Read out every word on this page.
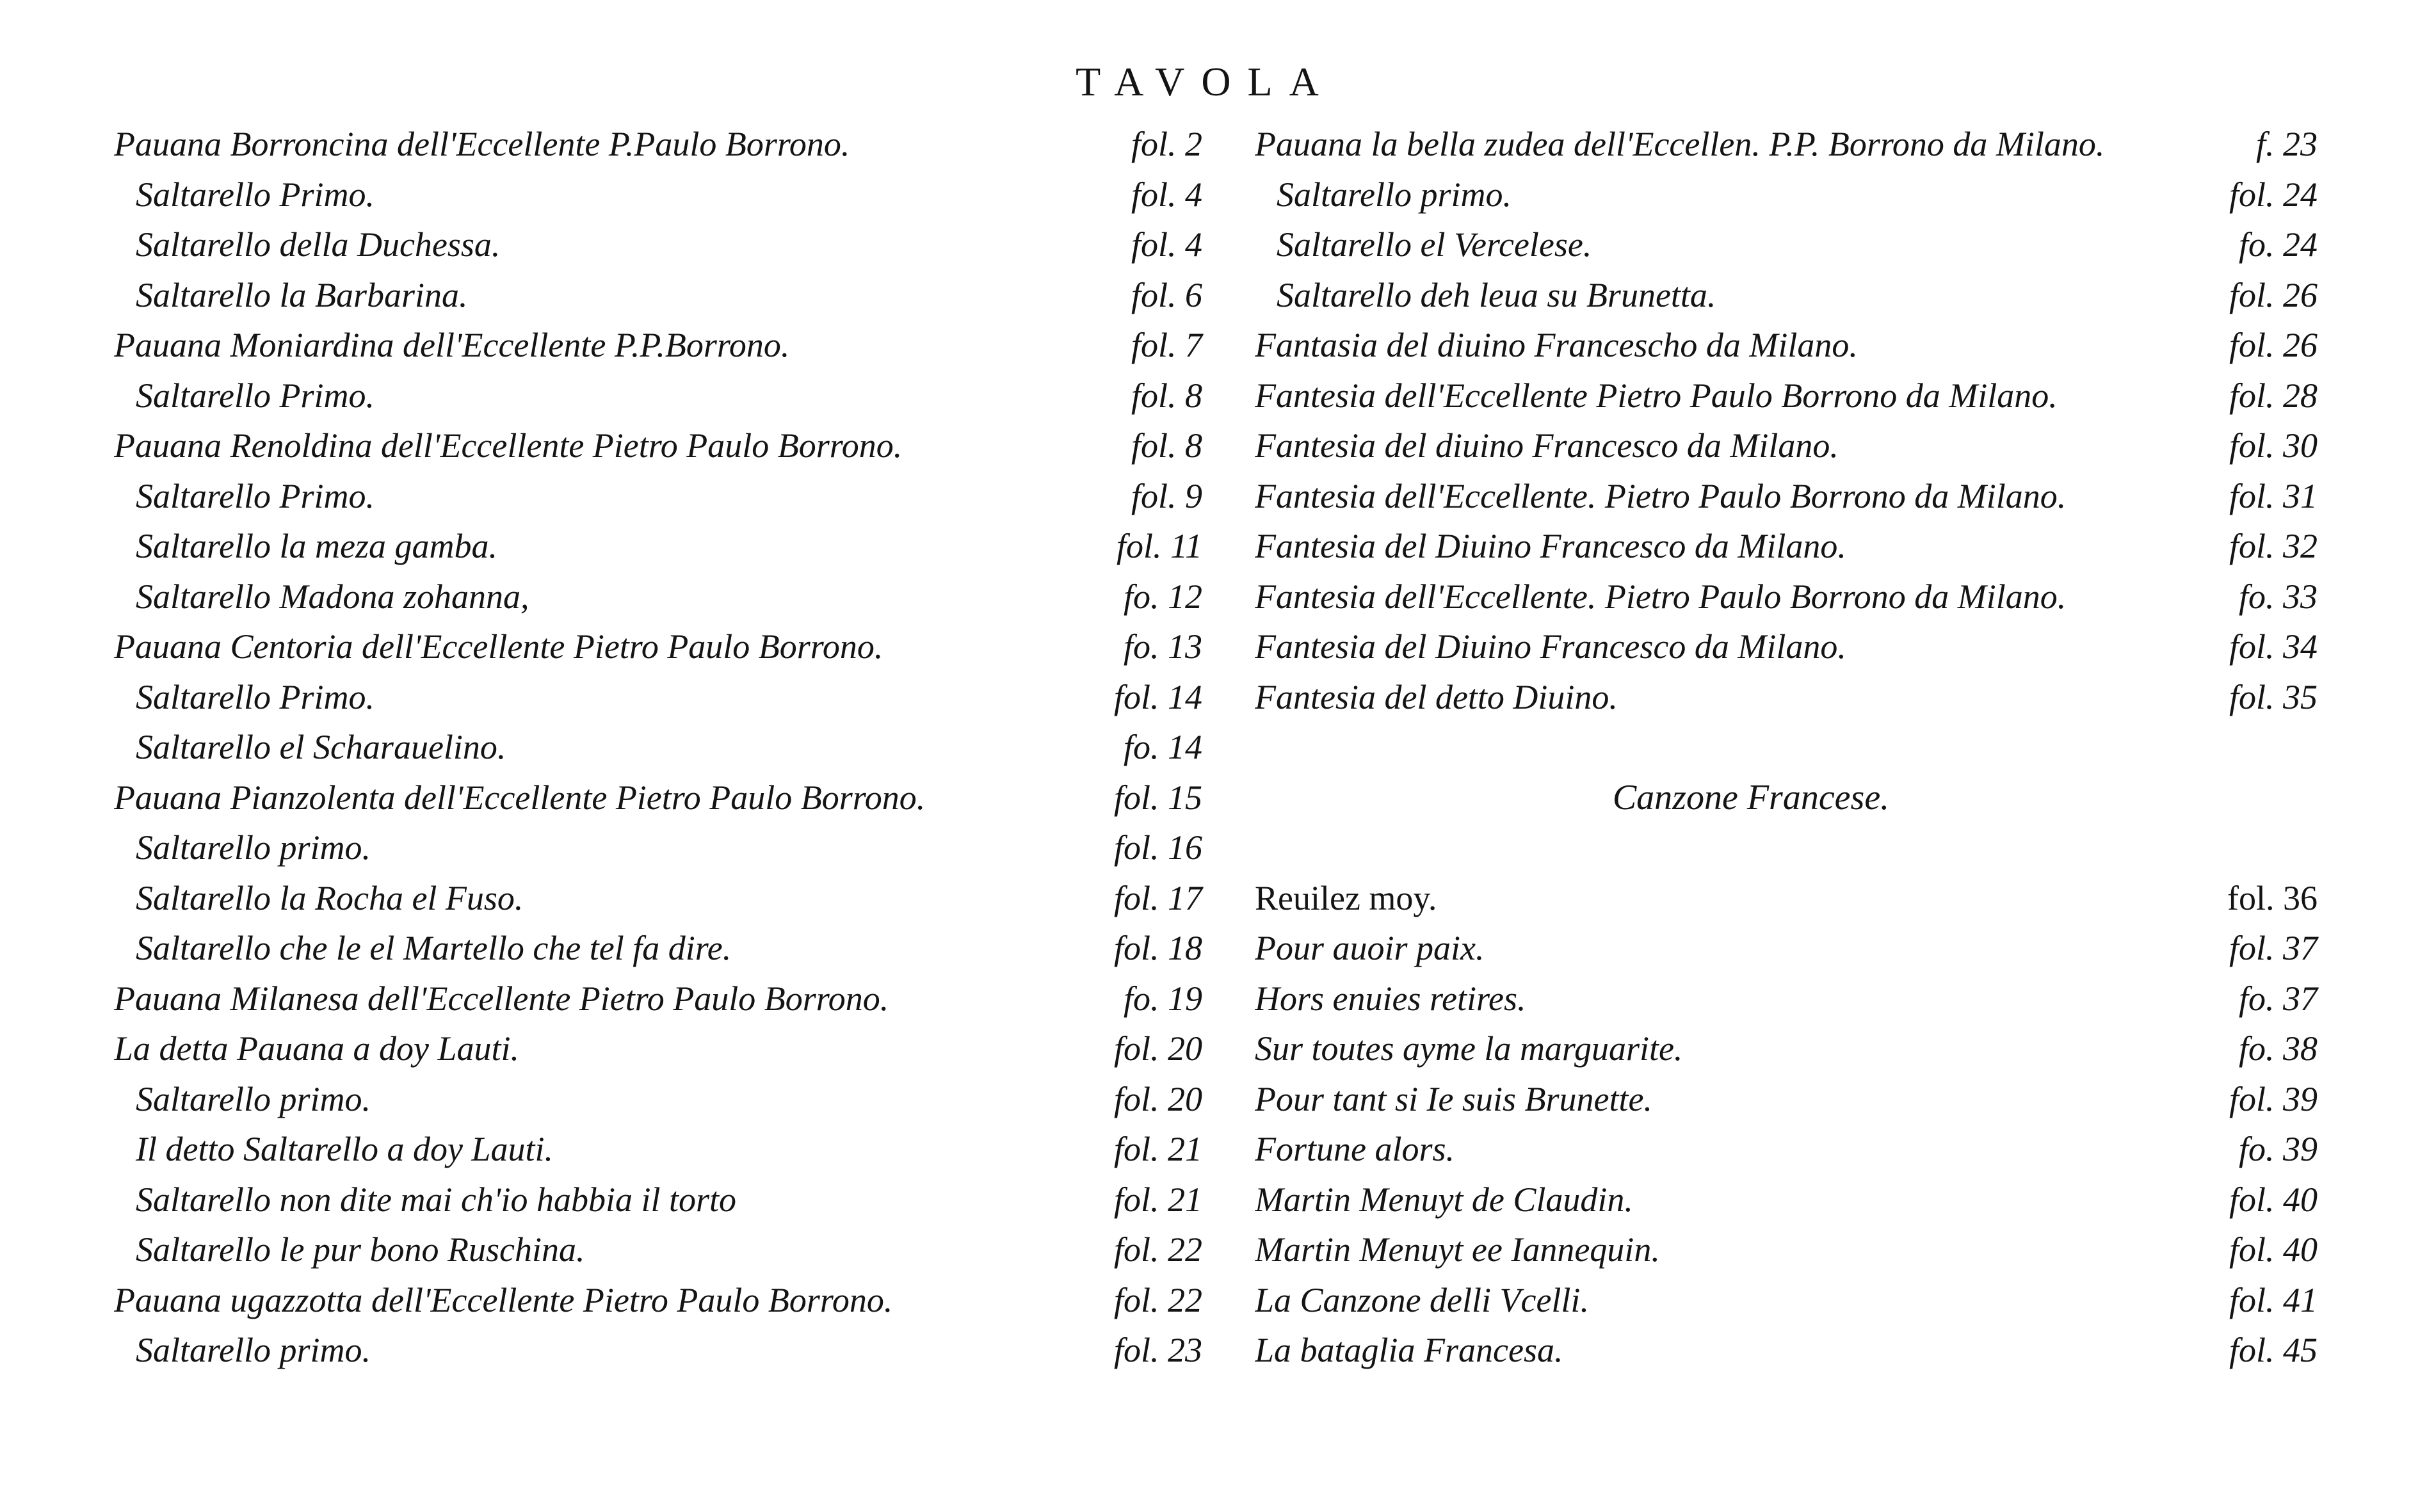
TAVOLA
Pauana Borroncina dell'Eccellente P.Paulo Borrono.	fol. 2
Saltarello Primo.	fol. 4
Saltarello della Duchessa.	fol. 4
Saltarello la Barbarina.	fol. 6
Pauana Moniardina dell'Eccellente P.P.Borrono.	fol. 7
Saltarello Primo.	fol. 8
Pauana Renoldina dell'Eccellente Pietro Paulo Borrono.	fol. 8
Saltarello Primo.	fol. 9
Saltarello la meza gamba.	fol. 11
Saltarello Madona zohanna,	fo. 12
Pauana Centoria dell'Eccellente Pietro Paulo Borrono.	fo. 13
Saltarello Primo.	fol. 14
Saltarello el Scharauelino.	fo. 14
Pauana Pianzolenta dell'Eccellente Pietro Paulo Borrono.	fol. 15
Saltarello primo.	fol. 16
Saltarello la Rocha el Fuso.	fol. 17
Saltarello che le el Martello che tel fa dire.	fol. 18
Pauana Milanesa dell'Eccellente Pietro Paulo Borrono.	fo. 19
La detta Pauana a doy Lauti.	fol. 20
Saltarello primo.	fol. 20
Il detto Saltarello a doy Lauti.	fol. 21
Saltarello non dite mai ch'io habbia il torto	fol. 21
Saltarello le pur bono Ruschina.	fol. 22
Pauana ugazzotta dell'Eccellente Pietro Paulo Borrono.	fol. 22
Saltarello primo.	fol. 23
Pauana la bella zudea dell'Eccellen. P.P. Borrono da Milano.	f. 23
Saltarello primo.	fol. 24
Saltarello el Vercelese.	fo. 24
Saltarello deh leua su Brunetta.	fol. 26
Fantasia del diuino Franceschо da Milano.	fol. 26
Fantesia dell'Eccellente Pietro Paulo Borrono da Milano.	fol. 28
Fantesia del diuino Francesco da Milano.	fol. 30
Fantesia dell'Eccellente. Pietro Paulo Borrono da Milano.	fol. 31
Fantesia del Diuino Francesco da Milano.	fol. 32
Fantesia dell'Eccellente. Pietro Paulo Borrono da Milano.	fo. 33
Fantesia del Diuino Francesco da Milano.	fol. 34
Fantesia del detto Diuino.	fol. 35
Canzone Francese.
Reuilez moy.	fol. 36
Pour auoir paix.	fol. 37
Hors enuies retires.	fo. 37
Sur toutes ayme la marguarite.	fo. 38
Pour tant si Ie suis Brunette.	fol. 39
Fortune alors.	fo. 39
Martin Menuyt de Claudin.	fol. 40
Martin Menuyt ee Iannequin.	fol. 40
La Canzone delli Vcelli.	fol. 41
La bataglia Francesa.	fol. 45
